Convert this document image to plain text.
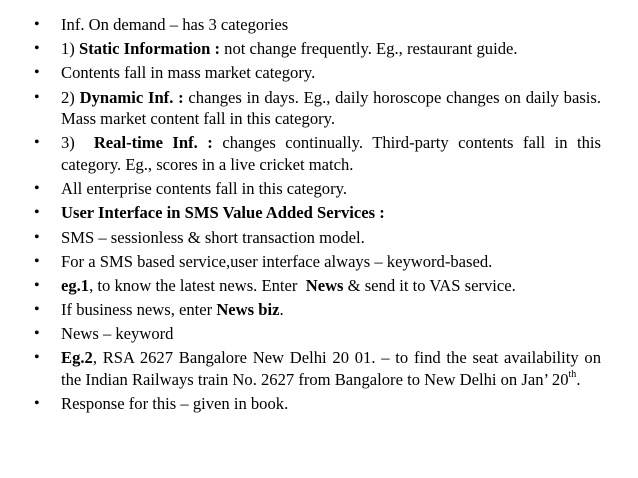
• Inf. On demand – has 3 categories
• 1) Static Information : not change frequently. Eg., restaurant guide.
• Contents fall in mass market category.
• 2) Dynamic Inf. : changes in days. Eg., daily horoscope changes on daily basis. Mass market content fall in this category.
• 3)  Real-time Inf. : changes continually. Third-party contents fall in this category. Eg., scores in a live cricket match.
• All enterprise contents fall in this category.
• User Interface in SMS Value Added Services :
• SMS – sessionless & short transaction model.
• For a SMS based service,user interface always – keyword-based.
• eg.1, to know the latest news. Enter  News & send it to VAS service.
• If business news, enter News biz.
• News – keyword
• Eg.2, RSA 2627 Bangalore New Delhi 20 01. – to find the seat availability on the Indian Railways train No. 2627 from Bangalore to New Delhi on Jan’ 20th.
• Response for this – given in book.
